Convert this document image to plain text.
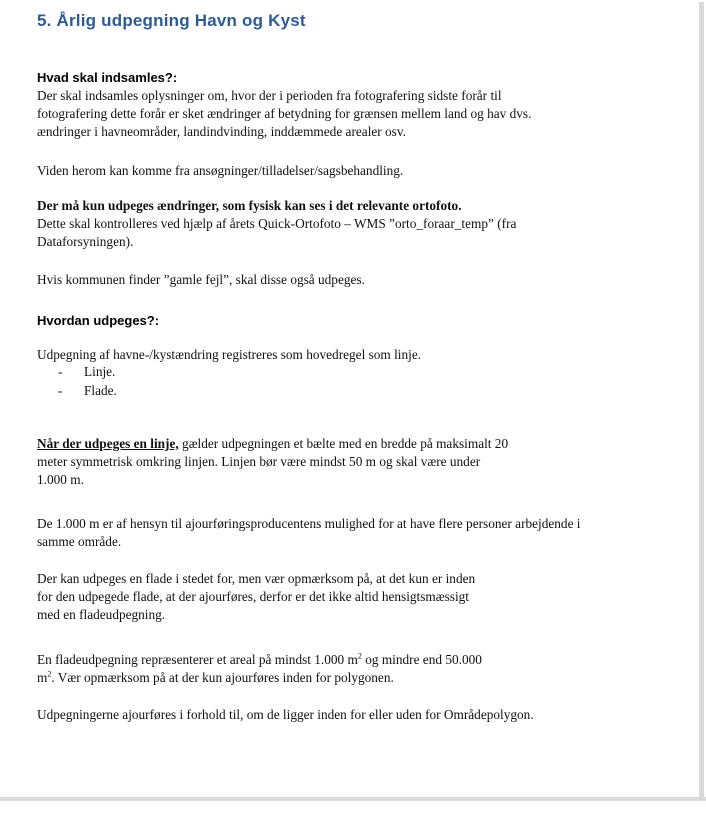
5. Årlig udpegning Havn og Kyst

Hvad skal indsamles?:

Der skal indsamles oplysninger om, hvor der i perioden fra fotografering sidste forår til
fotografering dette forår er sket ændringer af betydning for grænsen mellem land og hav dvs.
ændringer i havneområder, landindvinding, inddæmmede arealer osv.

Viden herom kan komme fra ansøgninger/tilladelser/sagsbehandling.

Der må kun udpeges ændringer, som fysisk kan ses i det relevante ortofoto.

Dette skal kontrolleres ved hjælp af årets Quick-Ortofoto – WMS ”orto_foraar_temp” (fra
Dataforsyningen).

Hvis kommunen finder ”gamle fejl”, skal disse også udpeges.

Hvordan udpeges?:

Udpegning af havne-/kystændring registreres som hovedregel som linje.

- Linje.
- Flade.

Når der udpeges en linje, gælder udpegningen et bælte med en bredde på maksimalt 20
meter symmetrisk omkring linjen. Linjen bør være mindst 50 m og skal være under
1.000 m.

De 1.000 m er af hensyn til ajourføringsproducentens mulighed for at have flere personer arbejdende i
samme område.

Der kan udpeges en flade i stedet for, men vær opmærksom på, at det kun er inden
for den udpegede flade, at der ajourføres, derfor er det ikke altid hensigtsmæssigt
med en fladeudpegning.

En fladeudpegning repræsenterer et areal på mindst 1.000 $m^2$ og mindre end 50.000
$m^2$. Vær opmærksom på at der kun ajourføres inden for polygonen.

Udpegningerne ajourføres i forhold til, om de ligger inden for eller uden for Områdepolygon.
